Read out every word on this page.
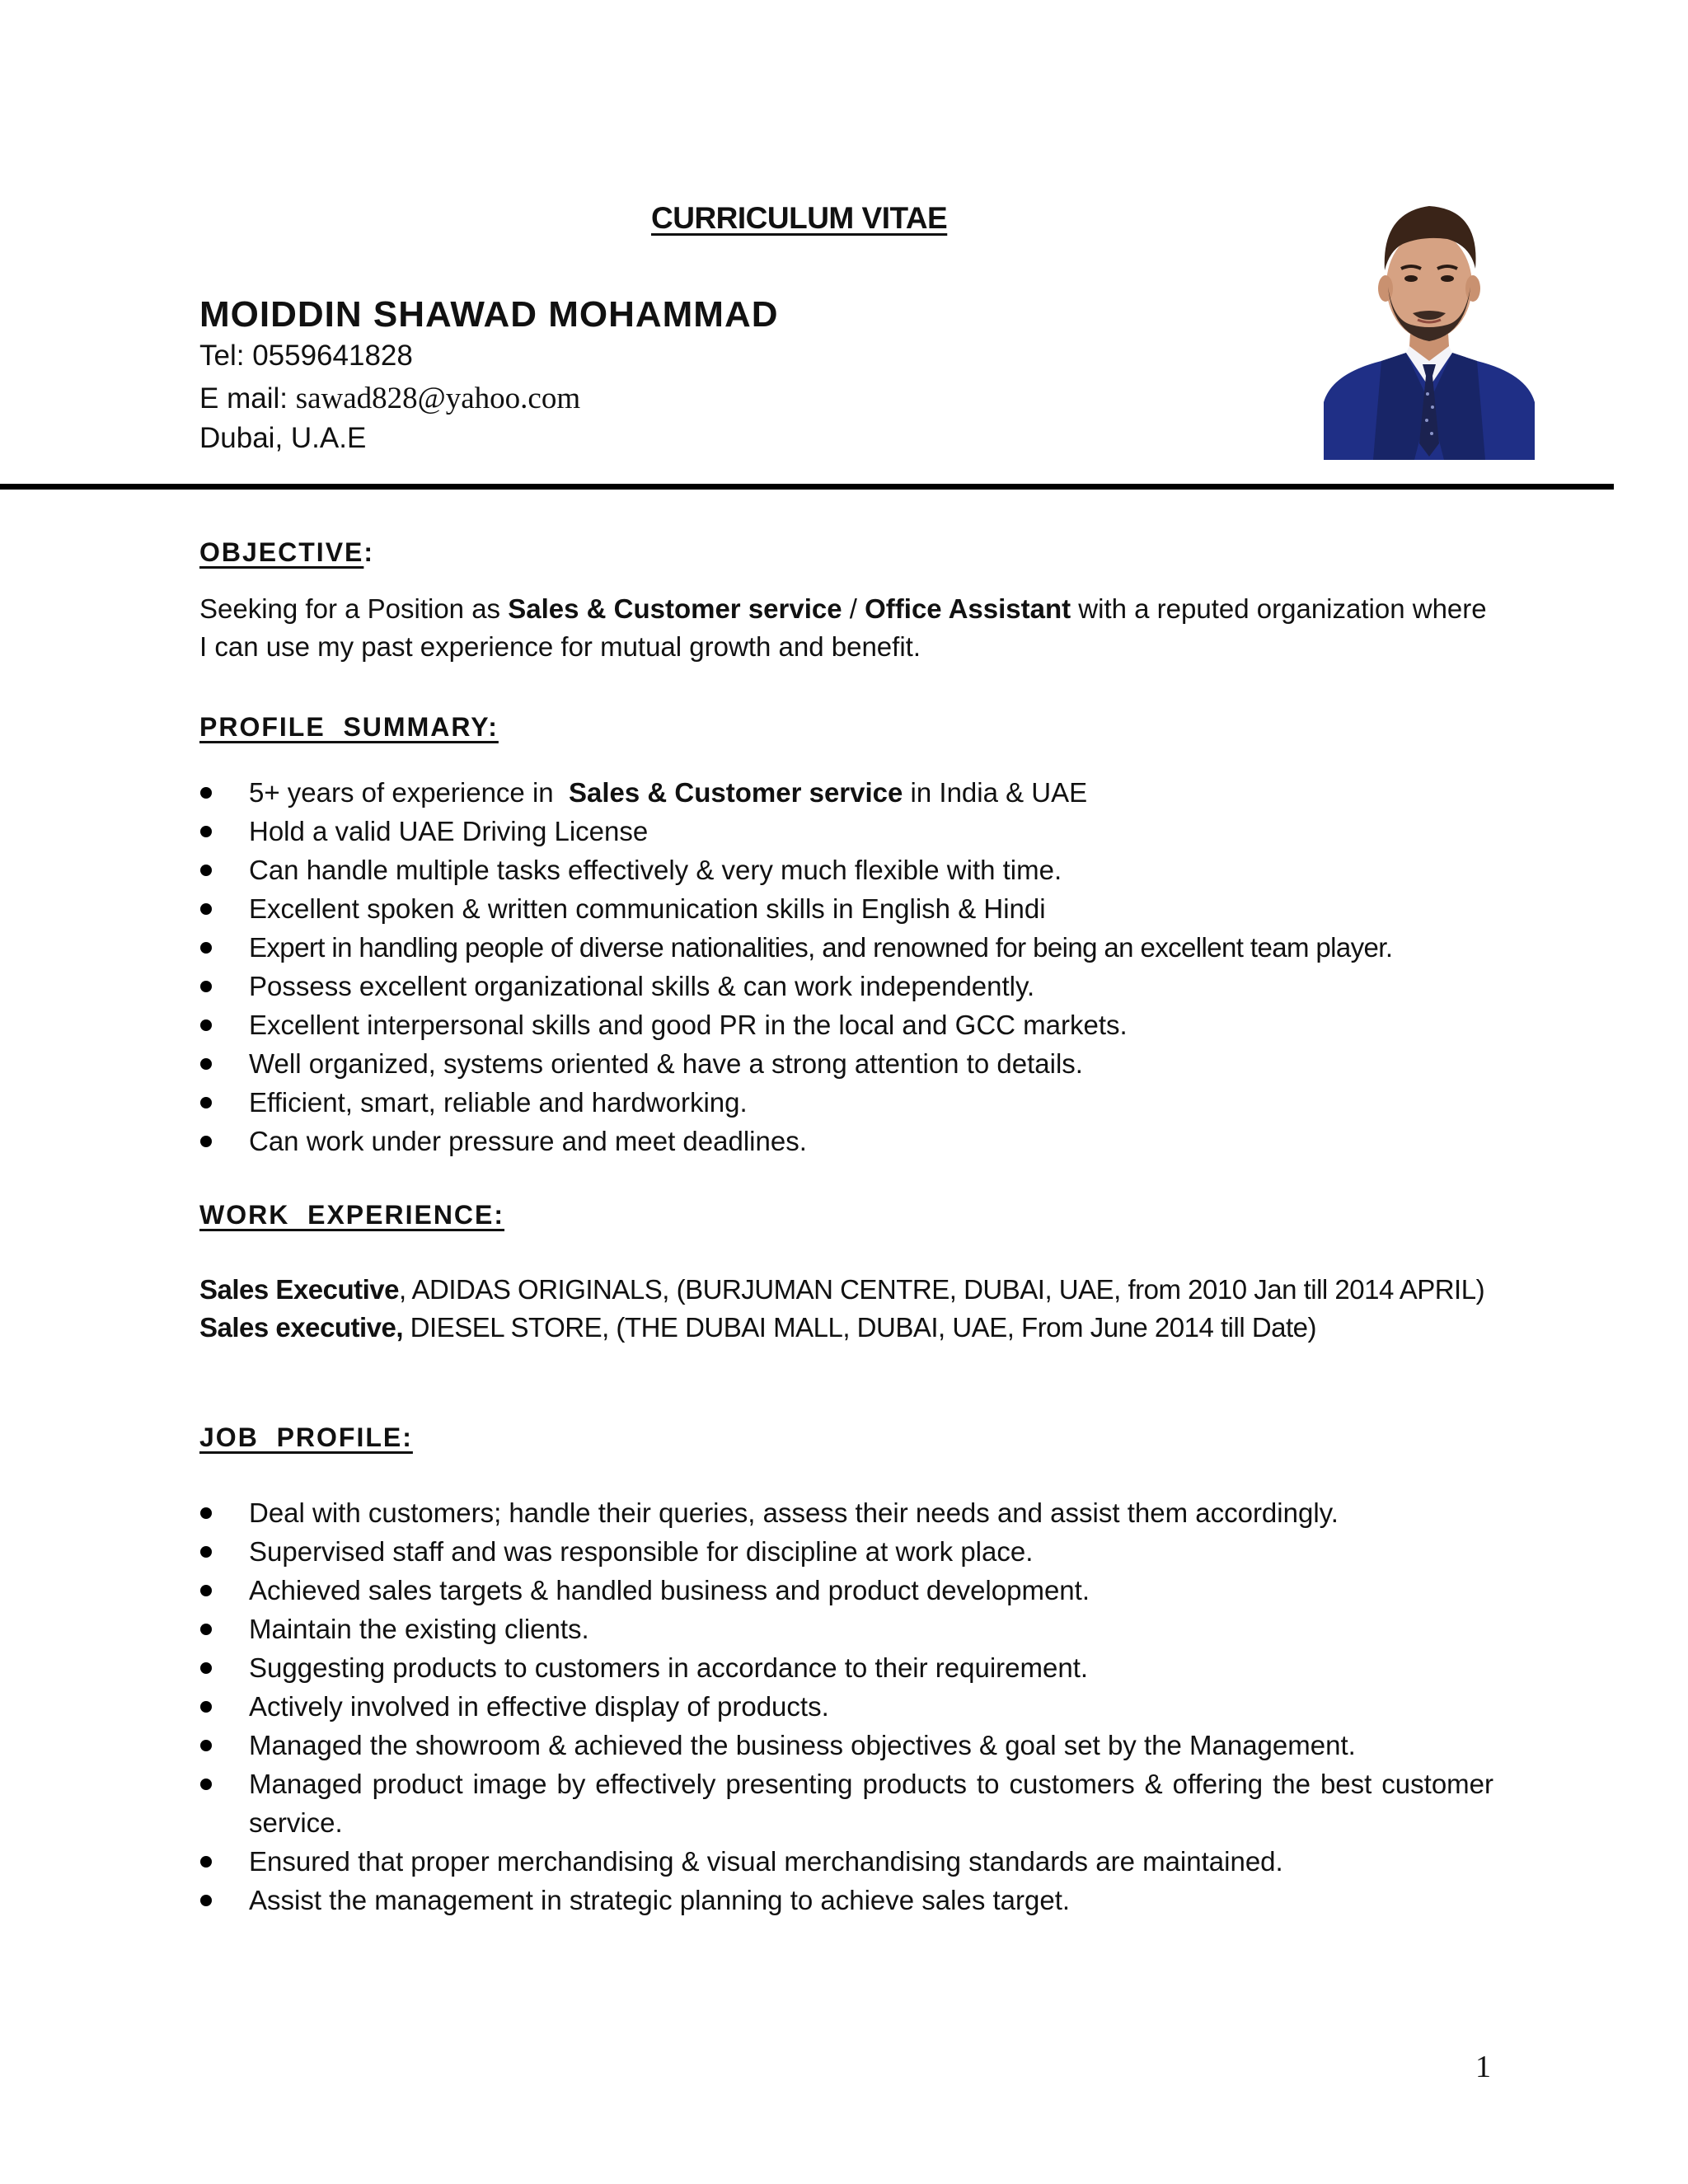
CURRICULUM VITAE
MOIDDIN SHAWAD MOHAMMAD
Tel: 0559641828
E mail: sawad828@yahoo.com
Dubai, U.A.E
OBJECTIVE:
Seeking for a Position as Sales & Customer service / Office Assistant with a reputed organization where I can use my past experience for mutual growth and benefit.
PROFILE  SUMMARY:
5+ years of experience in  Sales & Customer service in India & UAE
Hold a valid UAE Driving License
Can handle multiple tasks effectively & very much flexible with time.
Excellent spoken & written communication skills in English & Hindi
Expert in handling people of diverse nationalities, and renowned for being an excellent team player.
Possess excellent organizational skills & can work independently.
Excellent interpersonal skills and good PR in the local and GCC markets.
Well organized, systems oriented & have a strong attention to details.
Efficient, smart, reliable and hardworking.
Can work under pressure and meet deadlines.
WORK  EXPERIENCE:
Sales Executive, ADIDAS ORIGINALS, (BURJUMAN CENTRE, DUBAI, UAE, from 2010 Jan till 2014 APRIL)
Sales executive, DIESEL STORE, (THE DUBAI MALL, DUBAI, UAE, From June 2014 till Date)
JOB  PROFILE:
Deal with customers; handle their queries, assess their needs and assist them accordingly.
Supervised staff and was responsible for discipline at work place.
Achieved sales targets & handled business and product development.
Maintain the existing clients.
Suggesting products to customers in accordance to their requirement.
Actively involved in effective display of products.
Managed the showroom & achieved the business objectives & goal set by the Management.
Managed product image by effectively presenting products to customers & offering the best customer service.
Ensured that proper merchandising & visual merchandising standards are maintained.
Assist the management in strategic planning to achieve sales target.
1
